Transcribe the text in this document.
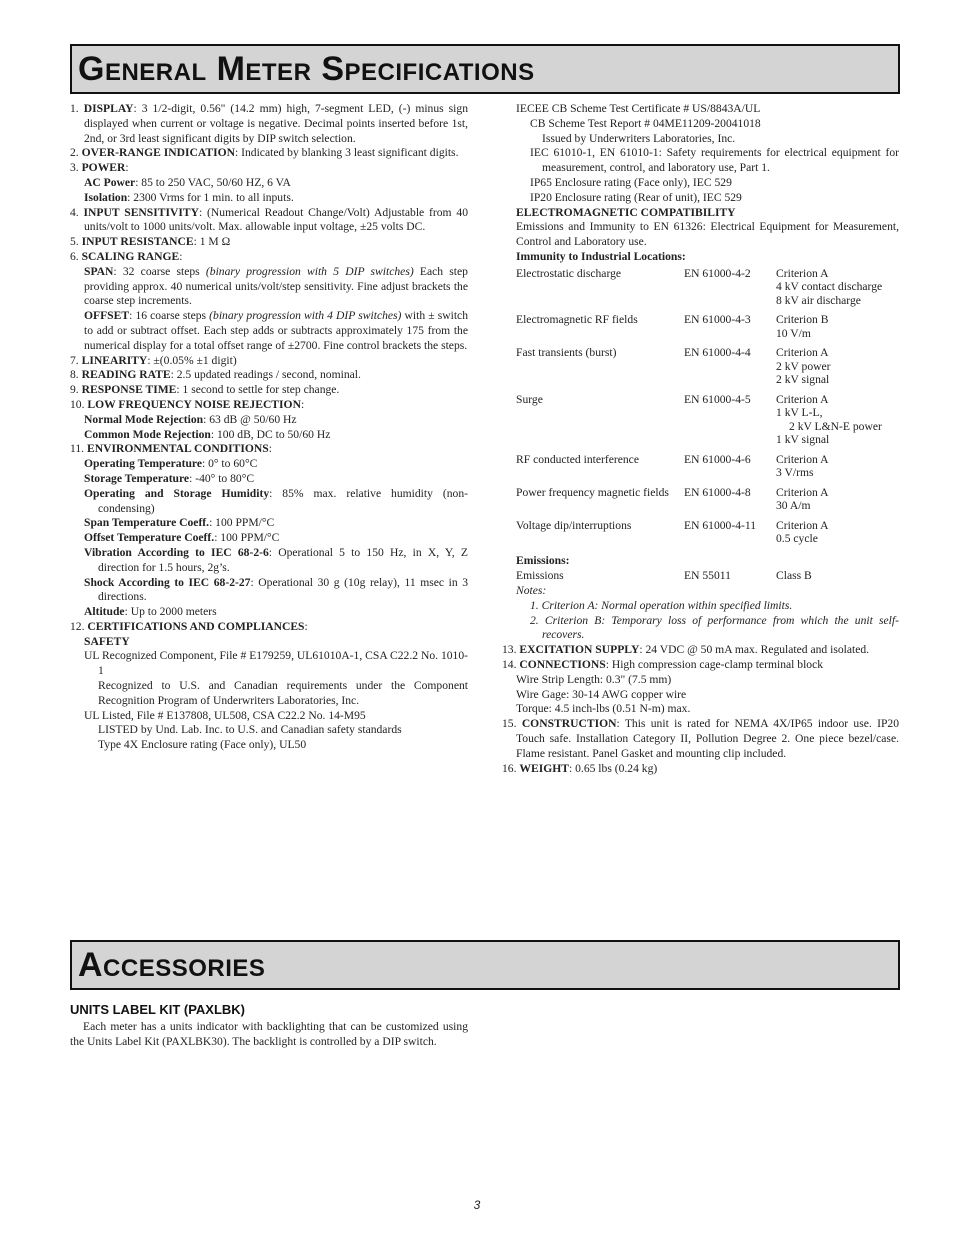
General Meter Specifications

1. DISPLAY: 3 1/2-digit, 0.56" (14.2 mm) high, 7-segment LED, (-) minus sign displayed when current or voltage is negative. Decimal points inserted before 1st, 2nd, or 3rd least significant digits by DIP switch selection.

2. OVER-RANGE INDICATION: Indicated by blanking 3 least significant digits.

3. POWER:

AC Power: 85 to 250 VAC, 50/60 HZ, 6 VA

Isolation: 2300 Vrms for 1 min. to all inputs.

4. INPUT SENSITIVITY: (Numerical Readout Change/Volt) Adjustable from 40 units/volt to 1000 units/volt. Max. allowable input voltage, ±25 volts DC.

5. INPUT RESISTANCE: 1 M Ω

6. SCALING RANGE:

SPAN: 32 coarse steps (binary progression with 5 DIP switches) Each step providing approx. 40 numerical units/volt/step sensitivity. Fine adjust brackets the coarse step increments.

OFFSET: 16 coarse steps (binary progression with 4 DIP switches) with ± switch to add or subtract offset. Each step adds or subtracts approximately 175 from the numerical display for a total offset range of ±2700. Fine control brackets the steps.

7. LINEARITY: ±(0.05% ±1 digit)

8. READING RATE: 2.5 updated readings / second, nominal.

9. RESPONSE TIME: 1 second to settle for step change.

10. LOW FREQUENCY NOISE REJECTION:

Normal Mode Rejection: 63 dB @ 50/60 Hz

Common Mode Rejection: 100 dB, DC to 50/60 Hz

11. ENVIRONMENTAL CONDITIONS:

Operating Temperature: 0° to 60°C

Storage Temperature: -40° to 80°C

Operating and Storage Humidity: 85% max. relative humidity (non-condensing)

Span Temperature Coeff.: 100 PPM/°C

Offset Temperature Coeff.: 100 PPM/°C

Vibration According to IEC 68-2-6: Operational 5 to 150 Hz, in X, Y, Z direction for 1.5 hours, 2g’s.

Shock According to IEC 68-2-27: Operational 30 g (10g relay), 11 msec in 3 directions.

Altitude: Up to 2000 meters

12. CERTIFICATIONS AND COMPLIANCES:

SAFETY

UL Recognized Component, File # E179259, UL61010A-1, CSA C22.2 No. 1010-1

Recognized to U.S. and Canadian requirements under the Component Recognition Program of Underwriters Laboratories, Inc.

UL Listed, File # E137808, UL508, CSA C22.2 No. 14-M95

LISTED by Und. Lab. Inc. to U.S. and Canadian safety standards

Type 4X Enclosure rating (Face only), UL50

IECEE CB Scheme Test Certificate # US/8843A/UL

CB Scheme Test Report # 04ME11209-20041018

Issued by Underwriters Laboratories, Inc.

IEC 61010-1, EN 61010-1: Safety requirements for electrical equipment for measurement, control, and laboratory use, Part 1.

IP65 Enclosure rating (Face only), IEC 529

IP20 Enclosure rating (Rear of unit), IEC 529

ELECTROMAGNETIC COMPATIBILITY

Emissions and Immunity to EN 61326: Electrical Equipment for Measurement, Control and Laboratory use.

Immunity to Industrial Locations:

Electrostatic discharge	EN 61000-4-2	Criterion A
4 kV contact discharge
8 kV air discharge

Electromagnetic RF fields	EN 61000-4-3	Criterion B
10 V/m

Fast transients (burst)	EN 61000-4-4	Criterion A
2 kV power
2 kV signal

Surge	EN 61000-4-5	Criterion A
1 kV L-L,
2 kV L&N-E power
1 kV signal

RF conducted interference	EN 61000-4-6	Criterion A
3 V/rms

Power frequency magnetic fields	EN 61000-4-8	Criterion A
30 A/m

Voltage dip/interruptions	EN 61000-4-11	Criterion A
0.5 cycle

Emissions:

Emissions	EN 55011	Class B

Notes:

1. Criterion A: Normal operation within specified limits.

2. Criterion B: Temporary loss of performance from which the unit self-recovers.

13. EXCITATION SUPPLY: 24 VDC @ 50 mA max. Regulated and isolated.

14. CONNECTIONS: High compression cage-clamp terminal block

Wire Strip Length: 0.3" (7.5 mm)

Wire Gage: 30-14 AWG copper wire

Torque: 4.5 inch-lbs (0.51 N-m) max.

15. CONSTRUCTION: This unit is rated for NEMA 4X/IP65 indoor use. IP20 Touch safe. Installation Category II, Pollution Degree 2. One piece bezel/case. Flame resistant. Panel Gasket and mounting clip included.

16. WEIGHT: 0.65 lbs (0.24 kg)

Accessories

UNITS LABEL KIT (PAXLBK)

Each meter has a units indicator with backlighting that can be customized using the Units Label Kit (PAXLBK30). The backlight is controlled by a DIP switch.

3
